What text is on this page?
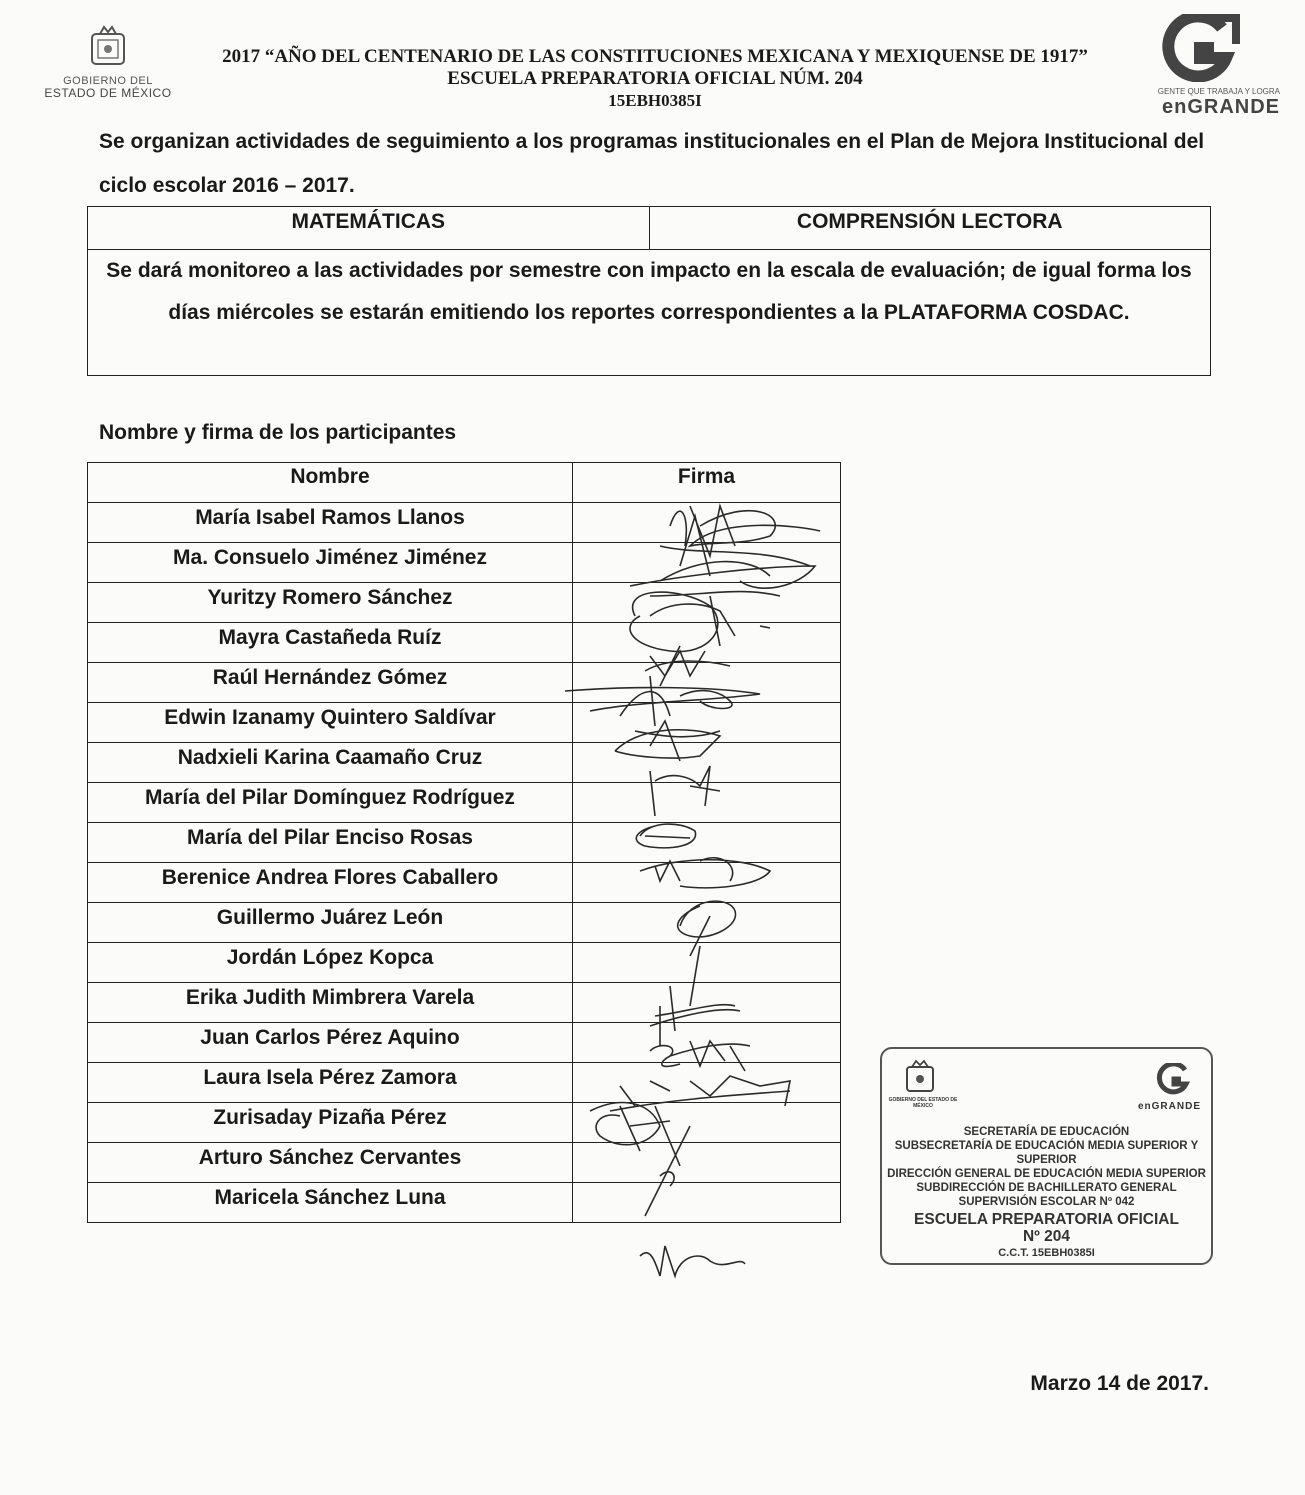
GOBIERNO DEL
ESTADO DE MÉXICO
2017 “AÑO DEL CENTENARIO DE LAS CONSTITUCIONES MEXICANA Y MEXIQUENSE DE 1917”
ESCUELA PREPARATORIA OFICIAL NÚM. 204
15EBH0385I	GENTE QUE TRABAJA Y LOGRA
enGRANDE
Se organizan actividades de seguimiento a los programas institucionales en el Plan de Mejora Institucional del ciclo escolar 2016 – 2017.
MATEMÁTICAS	COMPRENSIÓN LECTORA
Se dará monitoreo a las actividades por semestre con impacto en la escala de evaluación; de igual forma los días miércoles se estarán emitiendo los reportes correspondientes a la PLATAFORMA COSDAC.
Nombre y firma de los participantes
Nombre	Firma
María Isabel Ramos Llanos	
Ma. Consuelo Jiménez Jiménez	
Yuritzy Romero Sánchez	
Mayra Castañeda Ruíz	
Raúl Hernández Gómez	
Edwin Izanamy Quintero Saldívar	
Nadxieli Karina Caamaño Cruz	
María del Pilar Domínguez Rodríguez	
María del Pilar Enciso Rosas	
Berenice Andrea Flores Caballero	
Guillermo Juárez León	
Jordán López Kopca	
Erika Judith Mimbrera Varela	
Juan Carlos Pérez Aquino	
Laura Isela Pérez Zamora	
Zurisaday Pizaña Pérez	
Arturo Sánchez Cervantes	
Maricela Sánchez Luna	
GOBIERNO DEL ESTADO DE MÉXICO	enGRANDE
SECRETARÍA DE EDUCACIÓN
SUBSECRETARÍA DE EDUCACIÓN MEDIA SUPERIOR Y SUPERIOR
DIRECCIÓN GENERAL DE EDUCACIÓN MEDIA SUPERIOR
SUBDIRECCIÓN DE BACHILLERATO GENERAL
SUPERVISIÓN ESCOLAR Nº 042
ESCUELA PREPARATORIA OFICIAL
Nº 204
C.C.T. 15EBH0385I
Marzo 14 de 2017.
